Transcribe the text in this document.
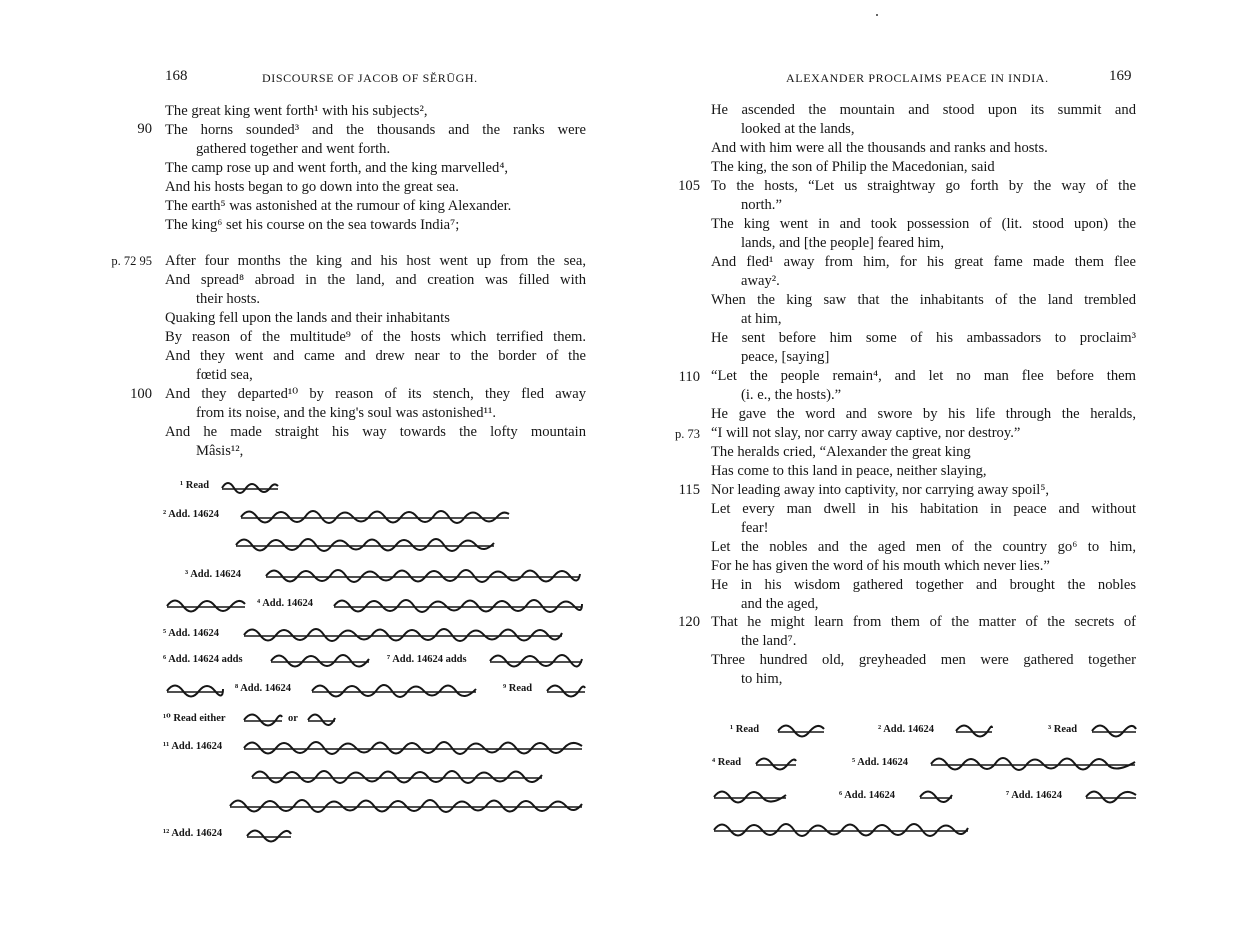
168	DISCOURSE OF JACOB OF SĔRŪGH.
90
p. 72 95
100
The great king went forth¹ with his subjects²,
The horns sounded³ and the thousands and the ranks were
gathered together and went forth.
The camp rose up and went forth, and the king marvelled⁴,
And his hosts began to go down into the great sea.
The earth⁵ was astonished at the rumour of king Alexander.
The king⁶ set his course on the sea towards India⁷;
After four months the king and his host went up from the sea,
And spread⁸ abroad in the land, and creation was filled with
their hosts.
Quaking fell upon the lands and their inhabitants
By reason of the multitude⁹ of the hosts which terrified them.
And they went and came and drew near to the border of the
fœtid sea,
And they departed¹⁰ by reason of its stench, they fled away
from its noise, and the king's soul was astonished¹¹.
And he made straight his way towards the lofty mountain
Mâsis¹²,
¹ Read
² Add. 14624
³ Add. 14624
⁴ Add. 14624
⁵ Add. 14624
⁶ Add. 14624 adds	⁷ Add. 14624 adds
⁸ Add. 14624	⁹ Read
¹⁰ Read either	or
¹¹ Add. 14624
¹² Add. 14624
ALEXANDER PROCLAIMS PEACE IN INDIA.	169
105
110
p. 73
115
120
He ascended the mountain and stood upon its summit and
looked at the lands,
And with him were all the thousands and ranks and hosts.
The king, the son of Philip the Macedonian, said
To the hosts, “Let us straightway go forth by the way of the
north.”
The king went in and took possession of (lit. stood upon) the
lands, and [the people] feared him,
And fled¹ away from him, for his great fame made them flee
away².
When the king saw that the inhabitants of the land trembled
at him,
He sent before him some of his ambassadors to proclaim³
peace, [saying]
“Let the people remain⁴, and let no man flee before them
(i. e., the hosts).”
He gave the word and swore by his life through the heralds,
“I will not slay, nor carry away captive, nor destroy.”
The heralds cried, “Alexander the great king
Has come to this land in peace, neither slaying,
Nor leading away into captivity, nor carrying away spoil⁵,
Let every man dwell in his habitation in peace and without
fear!
Let the nobles and the aged men of the country go⁶ to him,
For he has given the word of his mouth which never lies.”
He in his wisdom gathered together and brought the nobles
and the aged,
That he might learn from them of the matter of the secrets of
the land⁷.
Three hundred old, greyheaded men were gathered together
to him,
¹ Read	² Add. 14624	³ Read
⁴ Read	⁵ Add. 14624
⁶ Add. 14624	⁷ Add. 14624
